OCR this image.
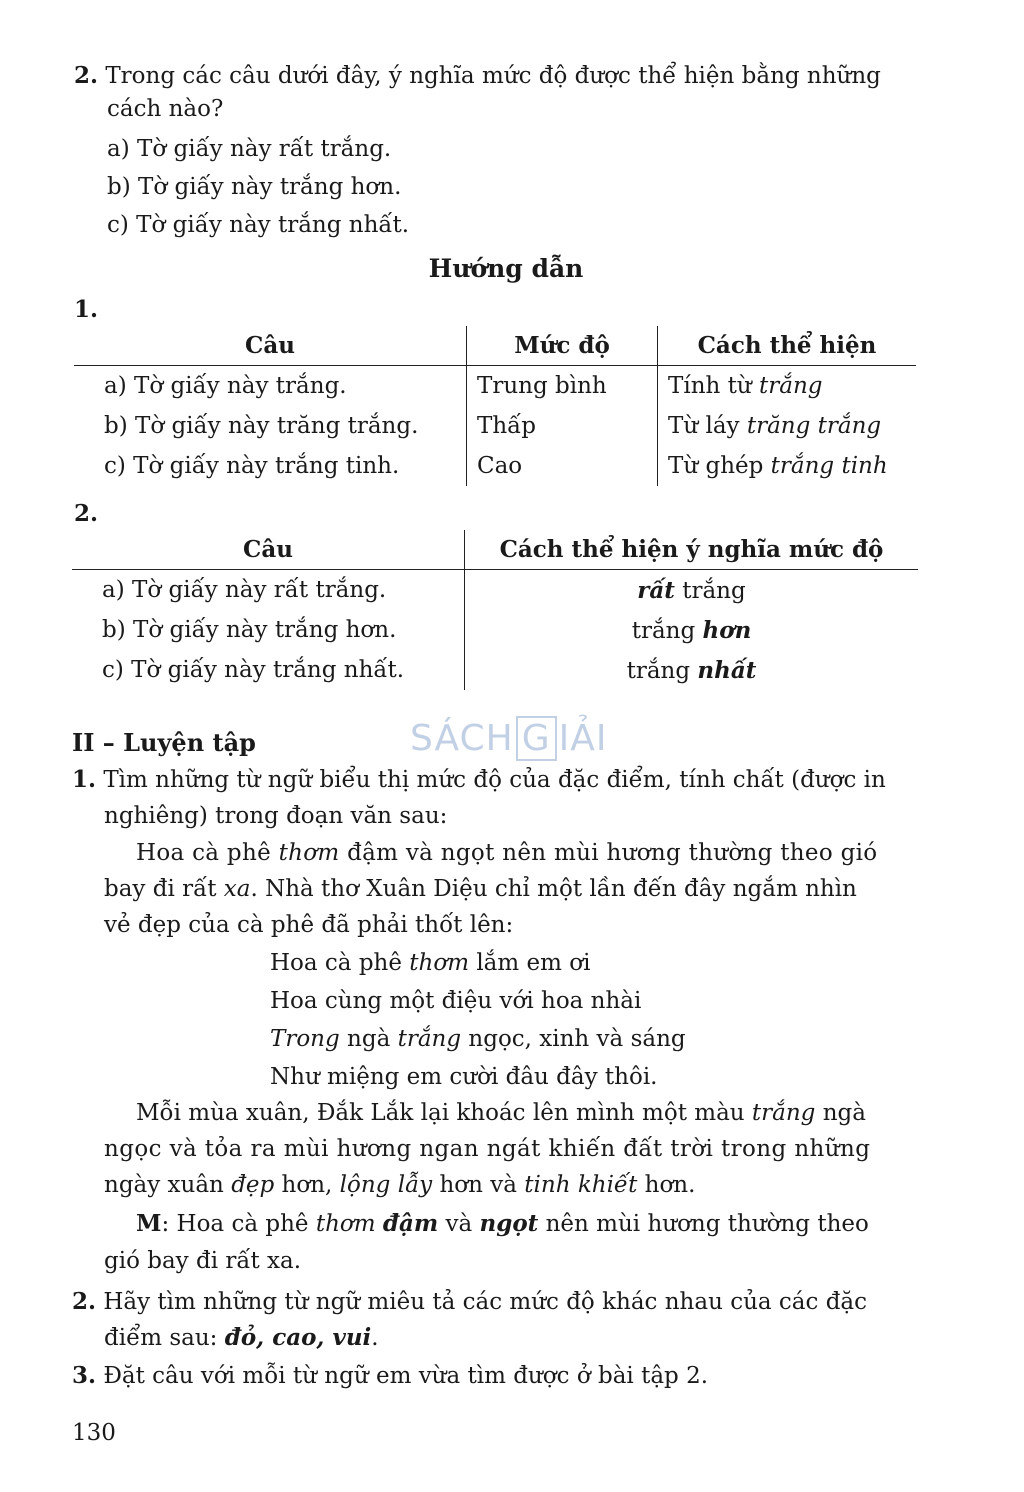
2. Trong các câu dưới đây, ý nghĩa mức độ được thể hiện bằng những
cách nào?
a) Tờ giấy này rất trắng.
b) Tờ giấy này trắng hơn.
c) Tờ giấy này trắng nhất.
Hướng dẫn
1.
Câu	Mức độ	Cách thể hiện
a) Tờ giấy này trắng.	Trung bình	Tính từ trắng
b) Tờ giấy này trăng trắng.	Thấp	Từ láy trăng trắng
c) Tờ giấy này trắng tinh.	Cao	Từ ghép trắng tinh
2.
Câu	Cách thể hiện ý nghĩa mức độ
a) Tờ giấy này rất trắng.	rất trắng
b) Tờ giấy này trắng hơn.	trắng hơn
c) Tờ giấy này trắng nhất.	trắng nhất
SÁCH G IẢI
II – Luyện tập
1. Tìm những từ ngữ biểu thị mức độ của đặc điểm, tính chất (được in
nghiêng) trong đoạn văn sau:
Hoa cà phê thơm đậm và ngọt nên mùi hương thường theo gió
bay đi rất xa. Nhà thơ Xuân Diệu chỉ một lần đến đây ngắm nhìn
vẻ đẹp của cà phê đã phải thốt lên:
Hoa cà phê thơm lắm em ơi
Hoa cùng một điệu với hoa nhài
Trong ngà trắng ngọc, xinh và sáng
Như miệng em cười đâu đây thôi.
Mỗi mùa xuân, Đắk Lắk lại khoác lên mình một màu trắng ngà
ngọc và tỏa ra mùi hương ngan ngát khiến đất trời trong những
ngày xuân đẹp hơn, lộng lẫy hơn và tinh khiết hơn.
M: Hoa cà phê thơm đậm và ngọt nên mùi hương thường theo
gió bay đi rất xa.
2. Hãy tìm những từ ngữ miêu tả các mức độ khác nhau của các đặc
điểm sau: đỏ, cao, vui.
3. Đặt câu với mỗi từ ngữ em vừa tìm được ở bài tập 2.
130
